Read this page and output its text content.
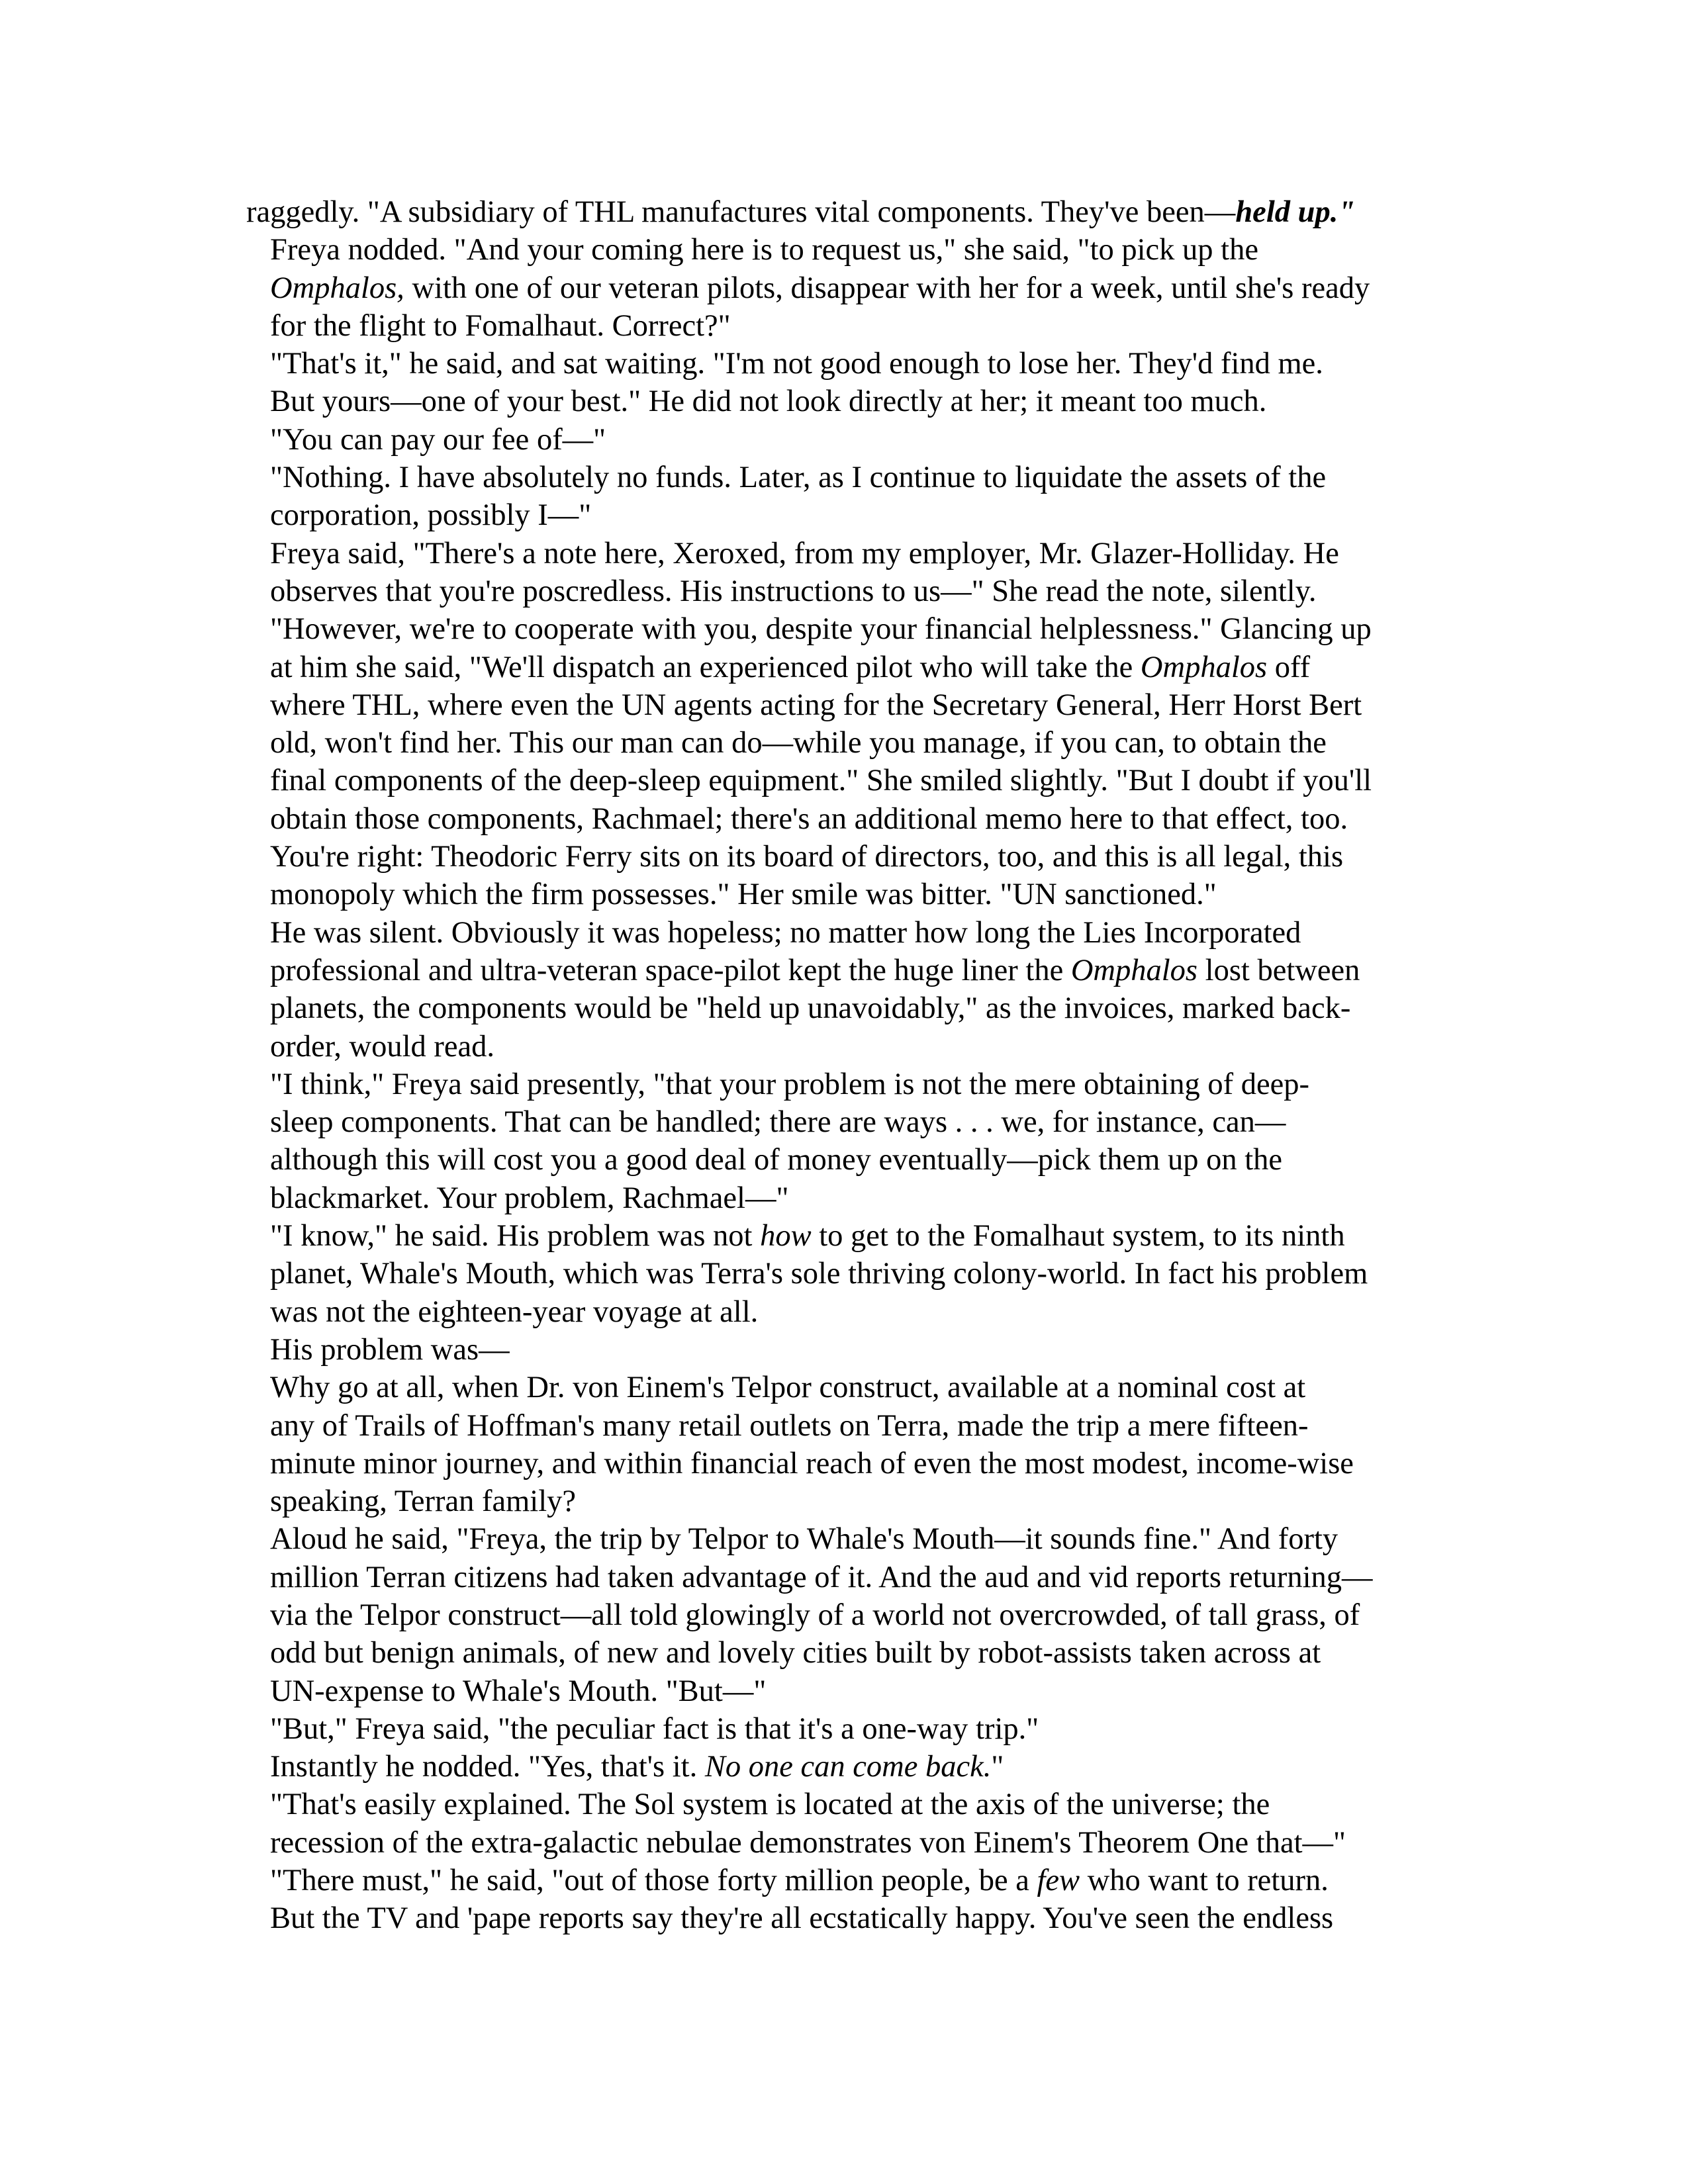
raggedly. "A subsidiary of THL manufactures vital components. They've been—held up."
Freya nodded. "And your coming here is to request us," she said, "to pick up the
Omphalos, with one of our veteran pilots, disappear with her for a week, until she's ready
for the flight to Fomalhaut. Correct?"
"That's it," he said, and sat waiting. "I'm not good enough to lose her. They'd find me.
But yours—one of your best." He did not look directly at her; it meant too much.
"You can pay our fee of—"
"Nothing. I have absolutely no funds. Later, as I continue to liquidate the assets of the
corporation, possibly I—"
Freya said, "There's a note here, Xeroxed, from my employer, Mr. Glazer-Holliday. He
observes that you're poscredless. His instructions to us—" She read the note, silently.
"However, we're to cooperate with you, despite your financial helplessness." Glancing up
at him she said, "We'll dispatch an experienced pilot who will take the Omphalos off
where THL, where even the UN agents acting for the Secretary General, Herr Horst Bert
old, won't find her. This our man can do—while you manage, if you can, to obtain the
final components of the deep-sleep equipment." She smiled slightly. "But I doubt if you'll
obtain those components, Rachmael; there's an additional memo here to that effect, too.
You're right: Theodoric Ferry sits on its board of directors, too, and this is all legal, this
monopoly which the firm possesses." Her smile was bitter. "UN sanctioned."
He was silent. Obviously it was hopeless; no matter how long the Lies Incorporated
professional and ultra-veteran space-pilot kept the huge liner the Omphalos lost between
planets, the components would be "held up unavoidably," as the invoices, marked back-
order, would read.
"I think," Freya said presently, "that your problem is not the mere obtaining of deep-
sleep components. That can be handled; there are ways . . . we, for instance, can—
although this will cost you a good deal of money eventually—pick them up on the
blackmarket. Your problem, Rachmael—"
"I know," he said. His problem was not how to get to the Fomalhaut system, to its ninth
planet, Whale's Mouth, which was Terra's sole thriving colony-world. In fact his problem
was not the eighteen-year voyage at all.
His problem was—
Why go at all, when Dr. von Einem's Telpor construct, available at a nominal cost at
any of Trails of Hoffman's many retail outlets on Terra, made the trip a mere fifteen-
minute minor journey, and within financial reach of even the most modest, income-wise
speaking, Terran family?
Aloud he said, "Freya, the trip by Telpor to Whale's Mouth—it sounds fine." And forty
million Terran citizens had taken advantage of it. And the aud and vid reports returning—
via the Telpor construct—all told glowingly of a world not overcrowded, of tall grass, of
odd but benign animals, of new and lovely cities built by robot-assists taken across at
UN-expense to Whale's Mouth. "But—"
"But," Freya said, "the peculiar fact is that it's a one-way trip."
Instantly he nodded. "Yes, that's it. No one can come back."
"That's easily explained. The Sol system is located at the axis of the universe; the
recession of the extra-galactic nebulae demonstrates von Einem's Theorem One that—"
"There must," he said, "out of those forty million people, be a few who want to return.
But the TV and 'pape reports say they're all ecstatically happy. You've seen the endless
